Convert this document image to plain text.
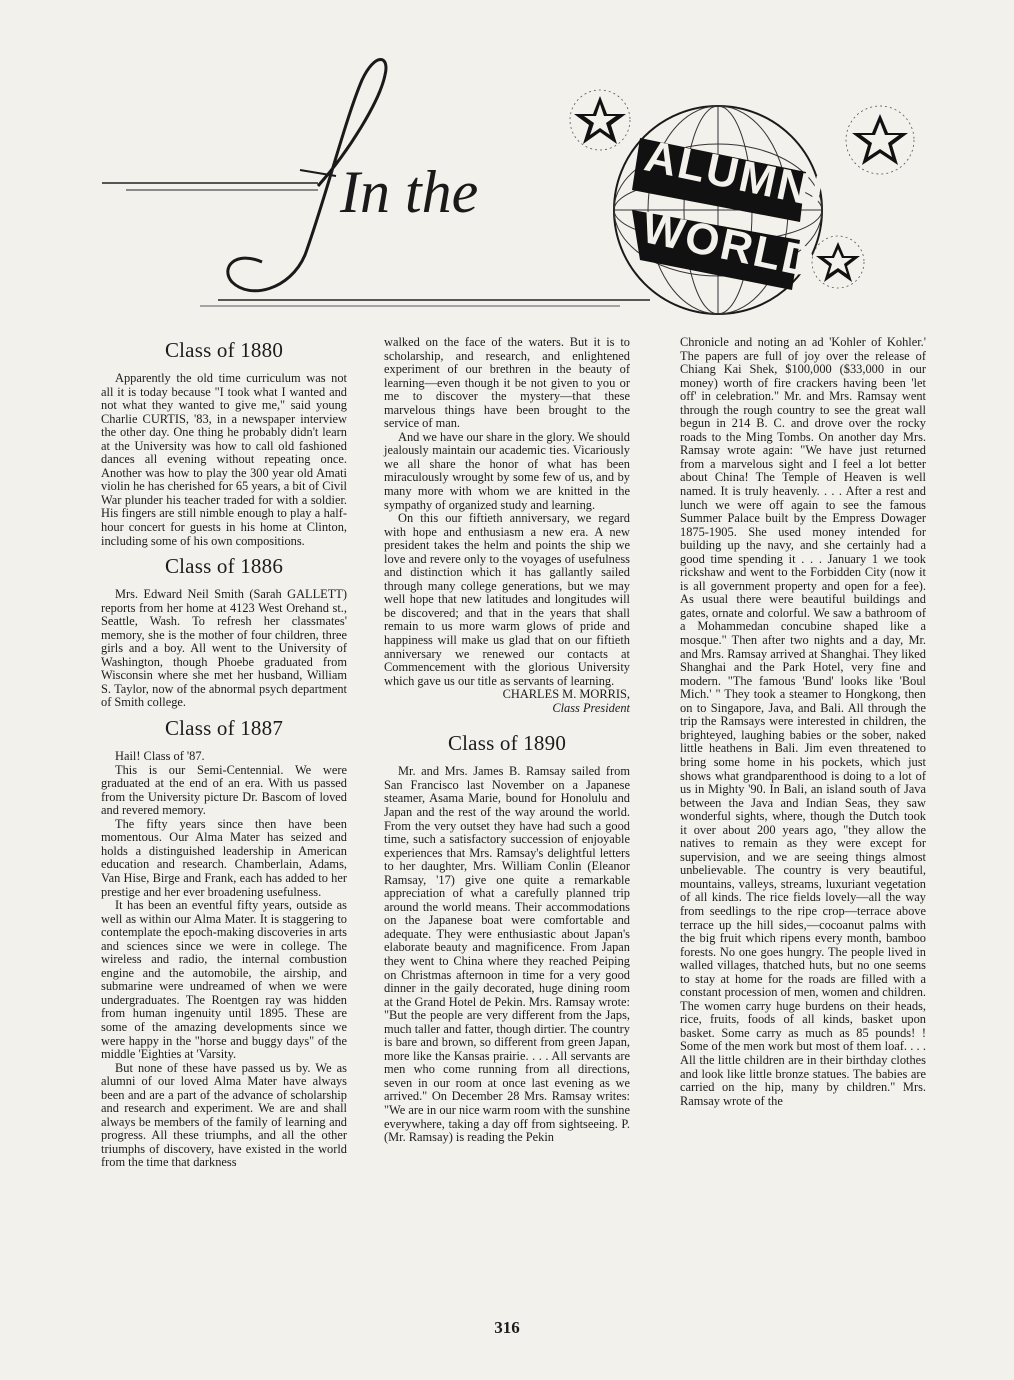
In the	ALUMNI
WORLD
Class of 1880

Apparently the old time curriculum was not all it is today because "I took what I wanted and not what they wanted to give me," said young Charlie CURTIS, '83, in a newspaper interview the other day. One thing he probably didn't learn at the University was how to call old fashioned dances all evening without repeating once. Another was how to play the 300 year old Amati violin he has cherished for 65 years, a bit of Civil War plunder his teacher traded for with a soldier. His fingers are still nimble enough to play a half-hour concert for guests in his home at Clinton, including some of his own compositions.

Class of 1886

Mrs. Edward Neil Smith (Sarah GALLETT) reports from her home at 4123 West Orehand st., Seattle, Wash. To refresh her classmates' memory, she is the mother of four children, three girls and a boy. All went to the University of Washington, though Phoebe graduated from Wisconsin where she met her husband, William S. Taylor, now of the abnormal psych department of Smith college.

Class of 1887

Hail! Class of '87.

This is our Semi-Centennial. We were graduated at the end of an era. With us passed from the University picture Dr. Bascom of loved and revered memory.

The fifty years since then have been momentous. Our Alma Mater has seized and holds a distinguished leadership in American education and research. Chamberlain, Adams, Van Hise, Birge and Frank, each has added to her prestige and her ever broadening usefulness.

It has been an eventful fifty years, outside as well as within our Alma Mater. It is staggering to contemplate the epoch-making discoveries in arts and sciences since we were in college. The wireless and radio, the internal combustion engine and the automobile, the airship, and submarine were undreamed of when we were undergraduates. The Roentgen ray was hidden from human ingenuity until 1895. These are some of the amazing developments since we were happy in the "horse and buggy days" of the middle 'Eighties at 'Varsity.

But none of these have passed us by. We as alumni of our loved Alma Mater have always been and are a part of the advance of scholarship and research and experiment. We are and shall always be members of the family of learning and progress. All these triumphs, and all the other triumphs of discovery, have existed in the world from the time that darkness

walked on the face of the waters. But it is to scholarship, and research, and enlightened experiment of our brethren in the beauty of learning—even though it be not given to you or me to discover the mystery—that these marvelous things have been brought to the service of man.

And we have our share in the glory. We should jealously maintain our academic ties. Vicariously we all share the honor of what has been miraculously wrought by some few of us, and by many more with whom we are knitted in the sympathy of organized study and learning.

On this our fiftieth anniversary, we regard with hope and enthusiasm a new era. A new president takes the helm and points the ship we love and revere only to the voyages of usefulness and distinction which it has gallantly sailed through many college generations, but we may well hope that new latitudes and longitudes will be discovered; and that in the years that shall remain to us more warm glows of pride and happiness will make us glad that on our fiftieth anniversary we renewed our contacts at Commencement with the glorious University which gave us our title as servants of learning.

CHARLES M. MORRIS,

Class President

Class of 1890

Mr. and Mrs. James B. Ramsay sailed from San Francisco last November on a Japanese steamer, Asama Marie, bound for Honolulu and Japan and the rest of the way around the world. From the very outset they have had such a good time, such a satisfactory succession of enjoyable experiences that Mrs. Ramsay's delightful letters to her daughter, Mrs. William Conlin (Eleanor Ramsay, '17) give one quite a remarkable appreciation of what a carefully planned trip around the world means. Their accommodations on the Japanese boat were comfortable and adequate. They were enthusiastic about Japan's elaborate beauty and magnificence. From Japan they went to China where they reached Peiping on Christmas afternoon in time for a very good dinner in the gaily decorated, huge dining room at the Grand Hotel de Pekin. Mrs. Ramsay wrote: "But the people are very different from the Japs, much taller and fatter, though dirtier. The country is bare and brown, so different from green Japan, more like the Kansas prairie. . . . All servants are men who come running from all directions, seven in our room at once last evening as we arrived." On December 28 Mrs. Ramsay writes: "We are in our nice warm room with the sunshine everywhere, taking a day off from sightseeing. P. (Mr. Ramsay) is reading the Pekin

Chronicle and noting an ad 'Kohler of Kohler.' The papers are full of joy over the release of Chiang Kai Shek, $100,000 ($33,000 in our money) worth of fire crackers having been 'let off' in celebration." Mr. and Mrs. Ramsay went through the rough country to see the great wall begun in 214 B. C. and drove over the rocky roads to the Ming Tombs. On another day Mrs. Ramsay wrote again: "We have just returned from a marvelous sight and I feel a lot better about China! The Temple of Heaven is well named. It is truly heavenly. . . . After a rest and lunch we were off again to see the famous Summer Palace built by the Empress Dowager 1875-1905. She used money intended for building up the navy, and she certainly had a good time spending it . . . January 1 we took rickshaw and went to the Forbidden City (now it is all government property and open for a fee). As usual there were beautiful buildings and gates, ornate and colorful. We saw a bathroom of a Mohammedan concubine shaped like a mosque." Then after two nights and a day, Mr. and Mrs. Ramsay arrived at Shanghai. They liked Shanghai and the Park Hotel, very fine and modern. "The famous 'Bund' looks like 'Boul Mich.' " They took a steamer to Hongkong, then on to Singapore, Java, and Bali. All through the trip the Ramsays were interested in children, the brighteyed, laughing babies or the sober, naked little heathens in Bali. Jim even threatened to bring some home in his pockets, which just shows what grandparenthood is doing to a lot of us in Mighty '90. In Bali, an island south of Java between the Java and Indian Seas, they saw wonderful sights, where, though the Dutch took it over about 200 years ago, "they allow the natives to remain as they were except for supervision, and we are seeing things almost unbelievable. The country is very beautiful, mountains, valleys, streams, luxuriant vegetation of all kinds. The rice fields lovely—all the way from seedlings to the ripe crop—terrace above terrace up the hill sides,—cocoanut palms with the big fruit which ripens every month, bamboo forests. No one goes hungry. The people lived in walled villages, thatched huts, but no one seems to stay at home for the roads are filled with a constant procession of men, women and children. The women carry huge burdens on their heads, rice, fruits, foods of all kinds, basket upon basket. Some carry as much as 85 pounds! ! Some of the men work but most of them loaf. . . . All the little children are in their birthday clothes and look like little bronze statues. The babies are carried on the hip, many by children." Mrs. Ramsay wrote of the

316
